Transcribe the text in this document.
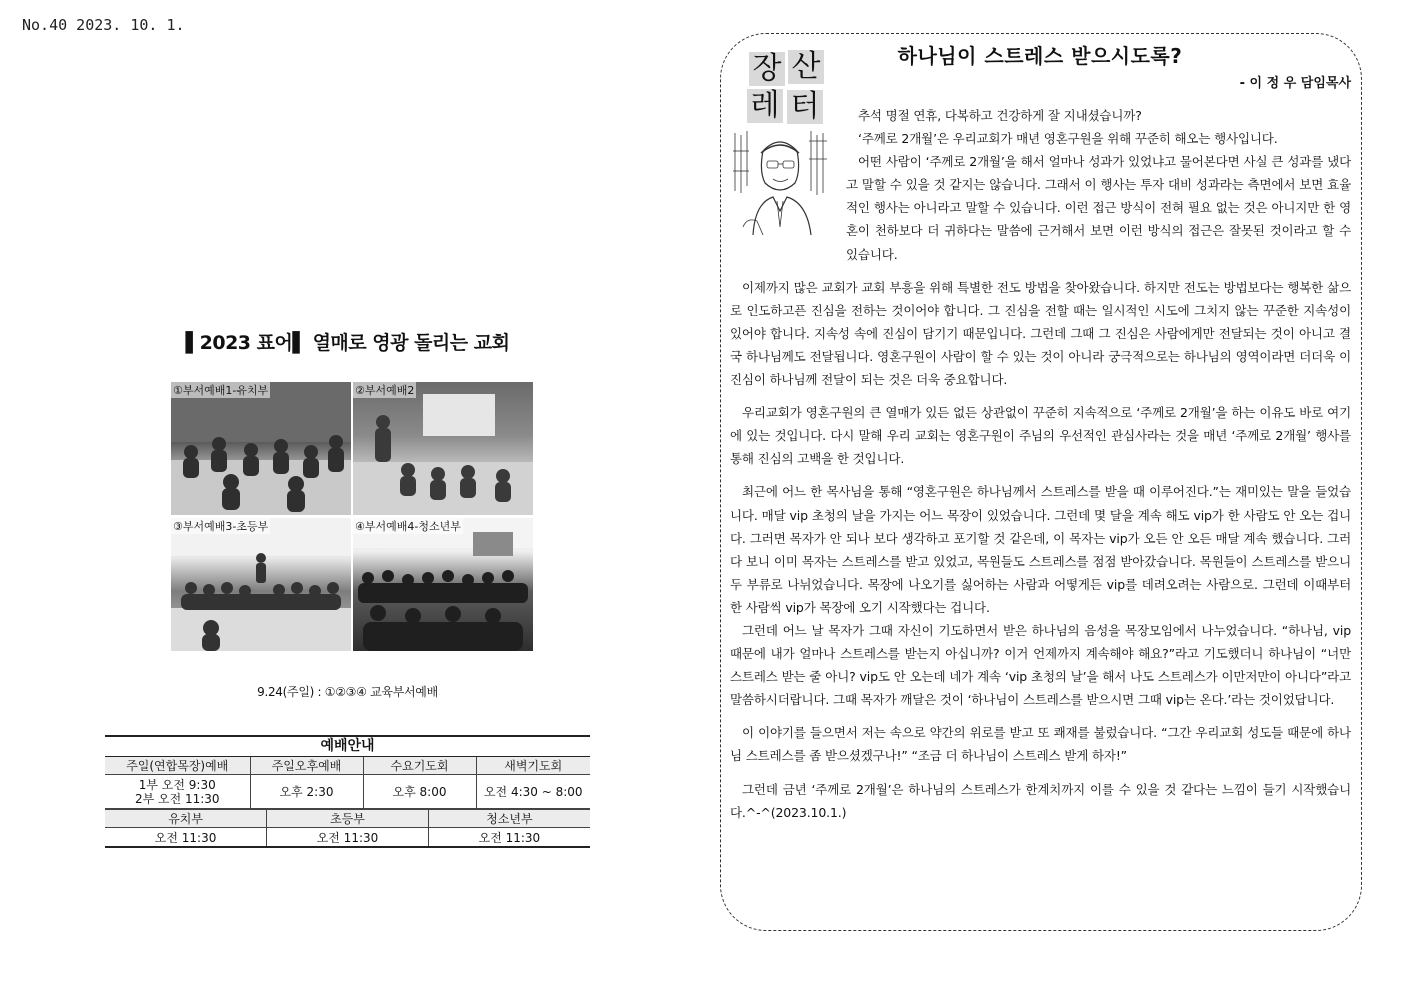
No.40 2023. 10. 1.
▌2023 표어▌ 열매로 영광 돌리는 교회
①부서예배1-유치부	②부서예배2
③부서예배3-초등부	④부서예배4-청소년부
9.24(주일) : ①②③④ 교육부서예배
예배안내
주일(연합목장)예배	주일오후예배	수요기도회	새벽기도회
1부 오전 9:30
2부 오전 11:30	오후 2:30	오후 8:00	오전 4:30 ~ 8:00
유치부	초등부	청소년부
오전 11:30	오전 11:30	오전 11:30
장 산
레 터
하나님이 스트레스 받으시도록?
- 이 정 우 담임목사

추석 명절 연휴, 다복하고 건강하게 잘 지내셨습니까?

‘주께로 2개월’은 우리교회가 매년 영혼구원을 위해 꾸준히 해오는 행사입니다.

어떤 사람이 ‘주께로 2개월’을 해서 얼마나 성과가 있었냐고 물어본다면 사실 큰 성과를 냈다고 말할 수 있을 것 같지는 않습니다. 그래서 이 행사는 투자 대비 성과라는 측면에서 보면 효율적인 행사는 아니라고 말할 수 있습니다. 이런 접근 방식이 전혀 필요 없는 것은 아니지만 한 영혼이 천하보다 더 귀하다는 말씀에 근거해서 보면 이런 방식의 접근은 잘못된 것이라고 할 수 있습니다.

이제까지 많은 교회가 교회 부흥을 위해 특별한 전도 방법을 찾아왔습니다. 하지만 전도는 방법보다는 행복한 삶으로 인도하고픈 진심을 전하는 것이어야 합니다. 그 진심을 전할 때는 일시적인 시도에 그치지 않는 꾸준한 지속성이 있어야 합니다. 지속성 속에 진심이 담기기 때문입니다. 그런데 그때 그 진심은 사람에게만 전달되는 것이 아니고 결국 하나님께도 전달됩니다. 영혼구원이 사람이 할 수 있는 것이 아니라 궁극적으로는 하나님의 영역이라면 더더욱 이 진심이 하나님께 전달이 되는 것은 더욱 중요합니다.

우리교회가 영혼구원의 큰 열매가 있든 없든 상관없이 꾸준히 지속적으로 ‘주께로 2개월’을 하는 이유도 바로 여기에 있는 것입니다. 다시 말해 우리 교회는 영혼구원이 주님의 우선적인 관심사라는 것을 매년 ‘주께로 2개월’ 행사를 통해 진심의 고백을 한 것입니다.

최근에 어느 한 목사님을 통해 “영혼구원은 하나님께서 스트레스를 받을 때 이루어진다.”는 재미있는 말을 들었습니다. 매달 vip 초청의 날을 가지는 어느 목장이 있었습니다. 그런데 몇 달을 계속 해도 vip가 한 사람도 안 오는 겁니다. 그러면 목자가 안 되나 보다 생각하고 포기할 것 같은데, 이 목자는 vip가 오든 안 오든 매달 계속 했습니다. 그러다 보니 이미 목자는 스트레스를 받고 있었고, 목원들도 스트레스를 점점 받아갔습니다. 목원들이 스트레스를 받으니 두 부류로 나뉘었습니다. 목장에 나오기를 싫어하는 사람과 어떻게든 vip를 데려오려는 사람으로. 그런데 이때부터 한 사람씩 vip가 목장에 오기 시작했다는 겁니다.

그런데 어느 날 목자가 그때 자신이 기도하면서 받은 하나님의 음성을 목장모임에서 나누었습니다. “하나님, vip 때문에 내가 얼마나 스트레스를 받는지 아십니까? 이거 언제까지 계속해야 해요?”라고 기도했더니 하나님이 “너만 스트레스 받는 줄 아니? vip도 안 오는데 네가 계속 ‘vip 초청의 날’을 해서 나도 스트레스가 이만저만이 아니다”라고 말씀하시더랍니다. 그때 목자가 깨달은 것이 ‘하나님이 스트레스를 받으시면 그때 vip는 온다.’라는 것이었답니다.

이 이야기를 들으면서 저는 속으로 약간의 위로를 받고 또 쾌재를 불렀습니다. “그간 우리교회 성도들 때문에 하나님 스트레스를 좀 받으셨겠구나!” “조금 더 하나님이 스트레스 받게 하자!”

그런데 금년 ‘주께로 2개월’은 하나님의 스트레스가 한계치까지 이를 수 있을 것 같다는 느낌이 들기 시작했습니다.^-^(2023.10.1.)
